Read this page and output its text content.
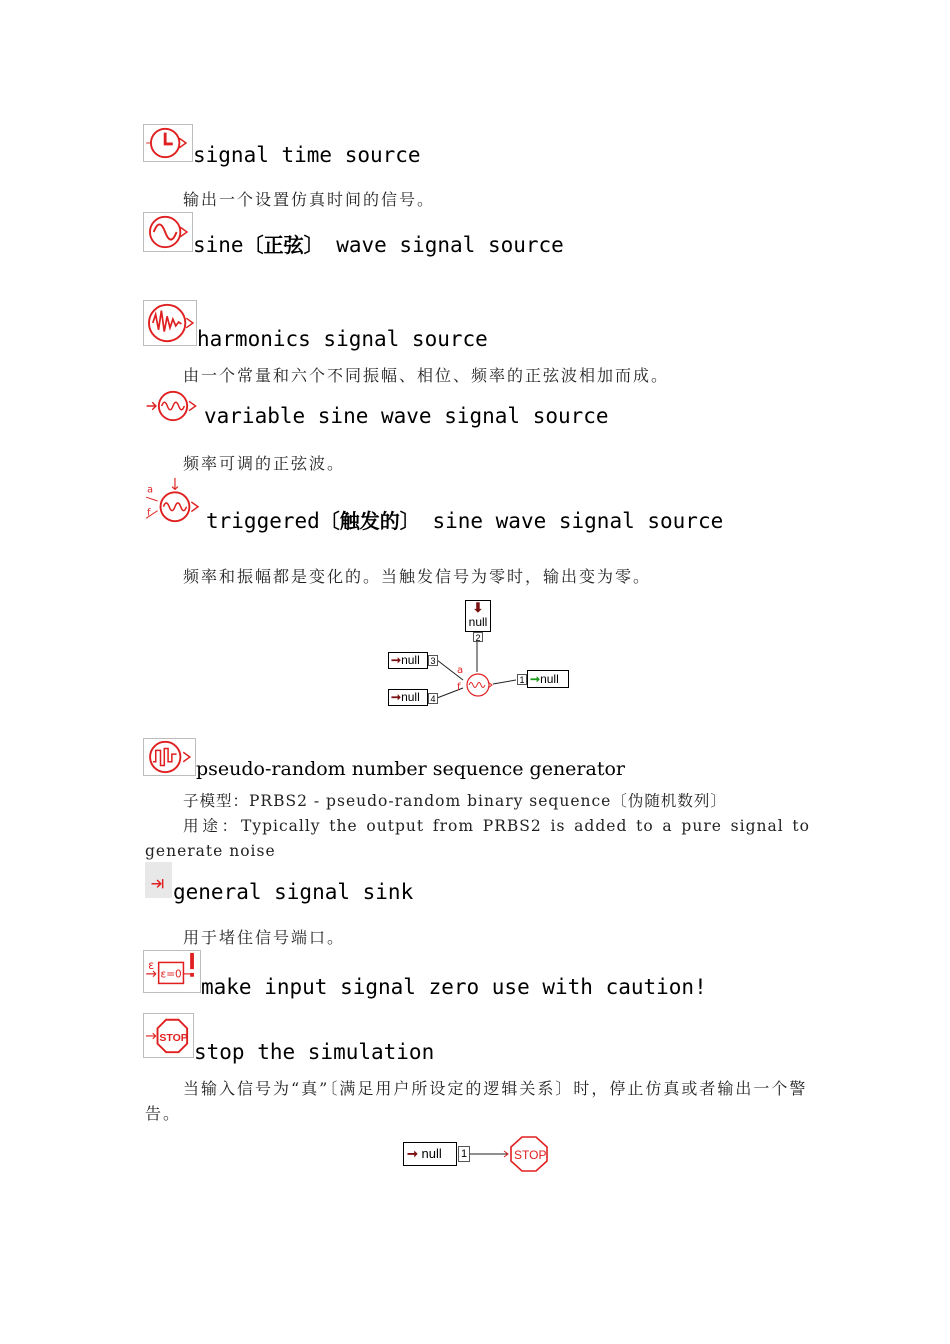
signal time source
输出一个设置仿真时间的信号。
sine〔正弦〕 wave signal source
harmonics signal source
由一个常量和六个不同振幅、相位、频率的正弦波相加而成。
variable sine wave signal source
频率可调的正弦波。
a
f	triggered〔触发的〕 sine wave signal source
频率和振幅都是变化的。当触发信号为零时，输出变为零。
⬇
null
2
➞null	3
➞null	4
a
f
1 ➞null
pseudo-random number sequence generator
子模型：PRBS2 - pseudo-random binary sequence〔伪随机数列〕
用途：Typically the output from PRBS2 is added to a pure signal to generate noise
general signal sink
用于堵住信号端口。
ε
ε=0
make input signal zero use with caution!
STOP
stop the simulation
当输入信号为“真”〔满足用户所设定的逻辑关系〕时，停止仿真或者输出一个警告。
➞ null	1	STOP
